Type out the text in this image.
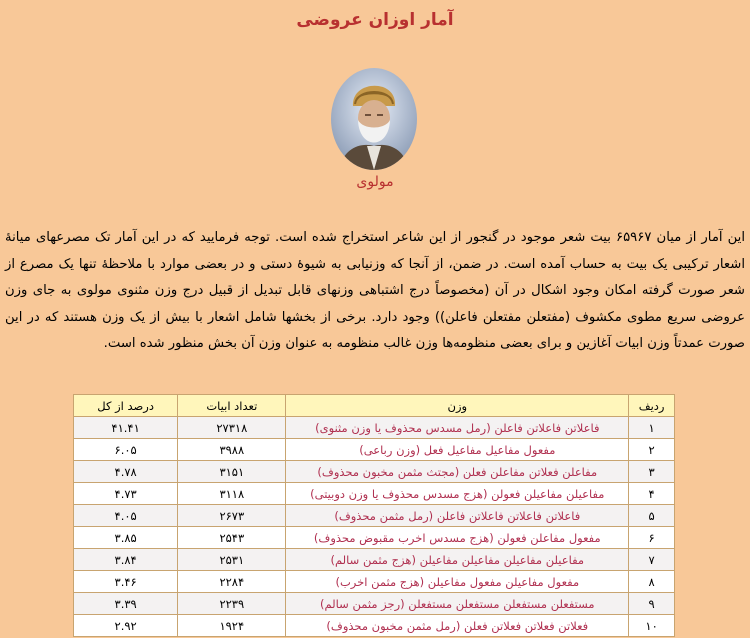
آمار اوزان عروضی
مولوی

این آمار از میان ۶۵۹۶۷ بیت شعر موجود در گنجور از این شاعر استخراج شده است. توجه فرمایید که در این آمار تک مصرعهای میانهٔ اشعار ترکیبی یک بیت به حساب آمده است. در ضمن، از آنجا که وزنیابی به شیوهٔ دستی و در بعضی موارد با ملاحظهٔ تنها یک مصرع از شعر صورت گرفته امکان وجود اشکال در آن (مخصوصاً درج اشتباهی وزنهای قابل تبدیل از قبیل درج وزن مثنوی مولوی به جای وزن عروضی سریع مطوی مکشوف (مفتعلن مفتعلن فاعلن)) وجود دارد. برخی از بخشها شامل اشعار با بیش از یک وزن هستند که در این صورت عمدتاً وزن ابیات آغازین و برای بعضی منظومه‌ها وزن غالب منظومه به عنوان وزن آن بخش منظور شده است.

ردیف	وزن	تعداد ابیات	درصد از کل
۱	فاعلاتن فاعلاتن فاعلن (رمل مسدس محذوف یا وزن مثنوی)	۲۷۳۱۸	۴۱.۴۱
۲	مفعول مفاعیل مفاعیل فعل (وزن رباعی)	۳۹۸۸	۶.۰۵
۳	مفاعلن فعلاتن مفاعلن فعلن (مجتث مثمن مخبون محذوف)	۳۱۵۱	۴.۷۸
۴	مفاعیلن مفاعیلن فعولن (هزج مسدس محذوف یا وزن دوبیتی)	۳۱۱۸	۴.۷۳
۵	فاعلاتن فاعلاتن فاعلاتن فاعلن (رمل مثمن محذوف)	۲۶۷۳	۴.۰۵
۶	مفعول مفاعلن فعولن (هزج مسدس اخرب مقبوض محذوف)	۲۵۴۳	۳.۸۵
۷	مفاعیلن مفاعیلن مفاعیلن مفاعیلن (هزج مثمن سالم)	۲۵۳۱	۳.۸۴
۸	مفعول مفاعیلن مفعول مفاعیلن (هزج مثمن اخرب)	۲۲۸۴	۳.۴۶
۹	مستفعلن مستفعلن مستفعلن مستفعلن (رجز مثمن سالم)	۲۲۳۹	۳.۳۹
۱۰	فعلاتن فعلاتن فعلاتن فعلن (رمل مثمن مخبون محذوف)	۱۹۲۴	۲.۹۲
